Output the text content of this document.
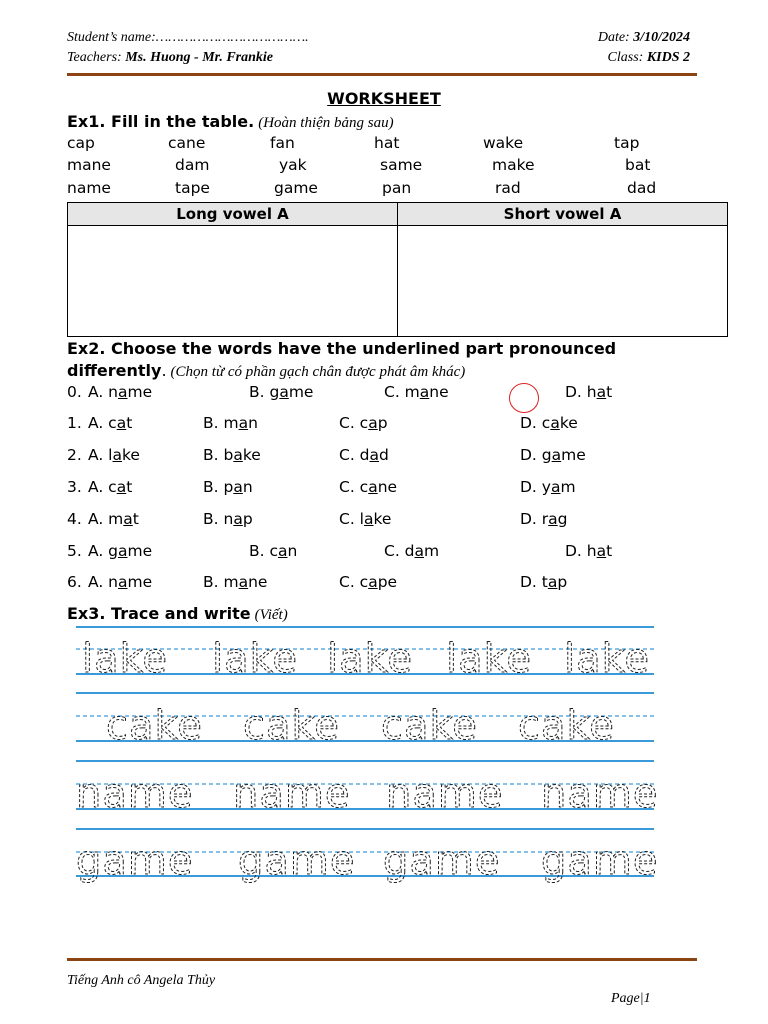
Student’s name:……………………………….	Date: 3/10/2024
Teachers: Ms. Huong - Mr. Frankie	Class: KIDS 2
WORKSHEET
Ex1. Fill in the table. (Hoàn thiện bảng sau)
cap	cane	fan	hat	wake	tap
mane	dam	yak	same	make	bat
name	tape	game	pan	rad	dad
Long vowel A	Short vowel A
Ex2. Choose the words have the underlined part pronounced
differently. (Chọn từ có phần gạch chân được phát âm khác)
0. A. name	B. game	C. mane	D. hat
1. A. cat	B. man	C. cap	D. cake
2. A. lake	B. bake	C. dad	D. game
3. A. cat	B. pan	C. cane	D. yam
4. A. mat	B. nap	C. lake	D. rag
5. A. game	B. can	C. dam	D. hat
6. A. name	B. mane	C. cape	D. tap
Ex3. Trace and write (Viết)
lake lake lake lake lake
cake cake cake cake
name name name name
game game game game
Tiếng Anh cô Angela Thủy
Page|1
